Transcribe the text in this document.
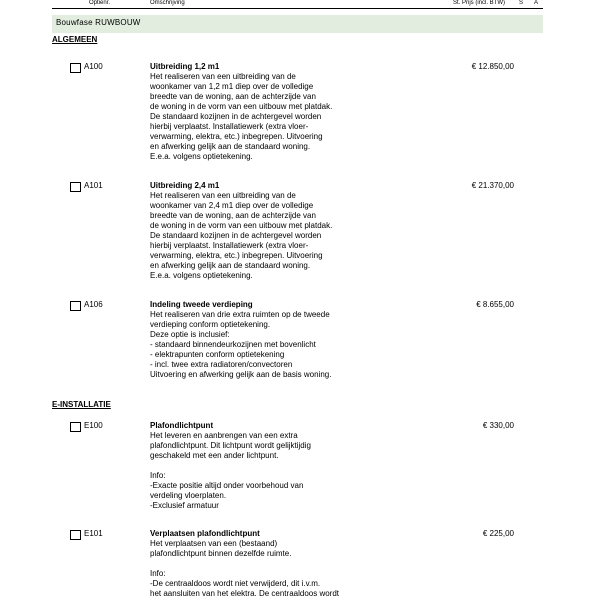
Optienr.	Omschrijving	St. Prijs (incl. BTW) S A
Bouwfase RUWBOUW
ALGEMEEN
A100	Uitbreiding 1,2 m1	€ 12.850,00
Het realiseren van een uitbreiding van de
woonkamer van 1,2 m1 diep over de volledige
breedte van de woning, aan de achterzijde van
de woning in de vorm van een uitbouw met platdak.
De standaard kozijnen in de achtergevel worden
hierbij verplaatst. Installatiewerk (extra vloer-
verwarming, elektra, etc.) inbegrepen. Uitvoering
en afwerking gelijk aan de standaard woning.
E.e.a. volgens optietekening.
A101	Uitbreiding 2,4 m1	€ 21.370,00
Het realiseren van een uitbreiding van de
woonkamer van 2,4 m1 diep over de volledige
breedte van de woning, aan de achterzijde van
de woning in de vorm van een uitbouw met platdak.
De standaard kozijnen in de achtergevel worden
hierbij verplaatst. Installatiewerk (extra vloer-
verwarming, elektra, etc.) inbegrepen. Uitvoering
en afwerking gelijk aan de standaard woning.
E.e.a. volgens optietekening.
A106	Indeling tweede verdieping	€ 8.655,00
Het realiseren van drie extra ruimten op de tweede
verdieping conform optietekening.
Deze optie is inclusief:
- standaard binnendeurkozijnen met bovenlicht
- elektrapunten conform optietekening
- incl. twee extra radiatoren/convectoren
Uitvoering en afwerking gelijk aan de basis woning.
E-INSTALLATIE
E100	Plafondlichtpunt	€ 330,00
Het leveren en aanbrengen van een extra
plafondlichtpunt. Dit lichtpunt wordt gelijktijdig
geschakeld met een ander lichtpunt.
Info:
-Exacte positie altijd onder voorbehoud van
verdeling vloerplaten.
-Exclusief armatuur
E101	Verplaatsen plafondlichtpunt	€ 225,00
Het verplaatsen van een (bestaand)
plafondlichtpunt binnen dezelfde ruimte.
Info:
-De centraaldoos wordt niet verwijderd, dit i.v.m.
het aansluiten van het elektra. De centraaldoos wordt
